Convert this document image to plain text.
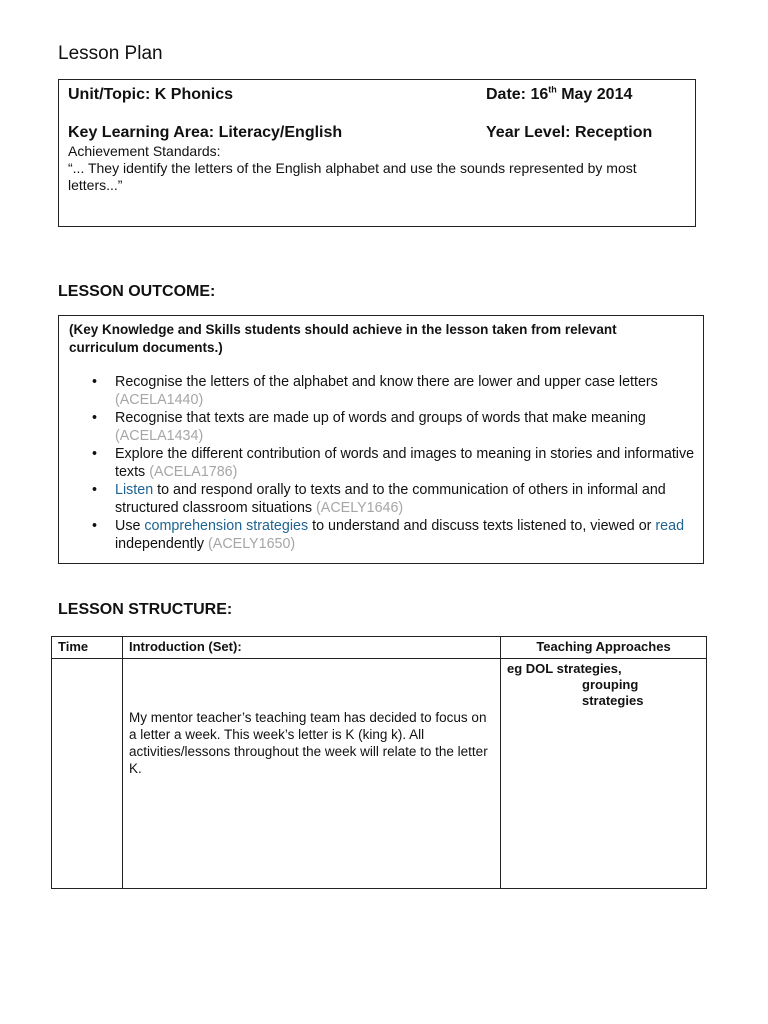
Lesson Plan
Unit/Topic: K Phonics	Date: 16th May 2014
Key Learning Area: Literacy/English	Year Level: Reception
Achievement Standards:
“... They identify the letters of the English alphabet and use the sounds represented by most letters...”
LESSON OUTCOME:
(Key Knowledge and Skills students should achieve in the lesson taken from relevant curriculum documents.)
• Recognise the letters of the alphabet and know there are lower and upper case letters (ACELA1440)
• Recognise that texts are made up of words and groups of words that make meaning (ACELA1434)
• Explore the different contribution of words and images to meaning in stories and informative texts (ACELA1786)
• Listen to and respond orally to texts and to the communication of others in informal and structured classroom situations (ACELY1646)
• Use comprehension strategies to understand and discuss texts listened to, viewed or read independently (ACELY1650)
LESSON STRUCTURE:
Time	Introduction (Set):	Teaching Approaches

	My mentor teacher’s teaching team has decided to focus on a letter a week. This week’s letter is K (king k). All activities/lessons throughout the week will relate to the letter K.	eg DOL strategies,
grouping
strategies
